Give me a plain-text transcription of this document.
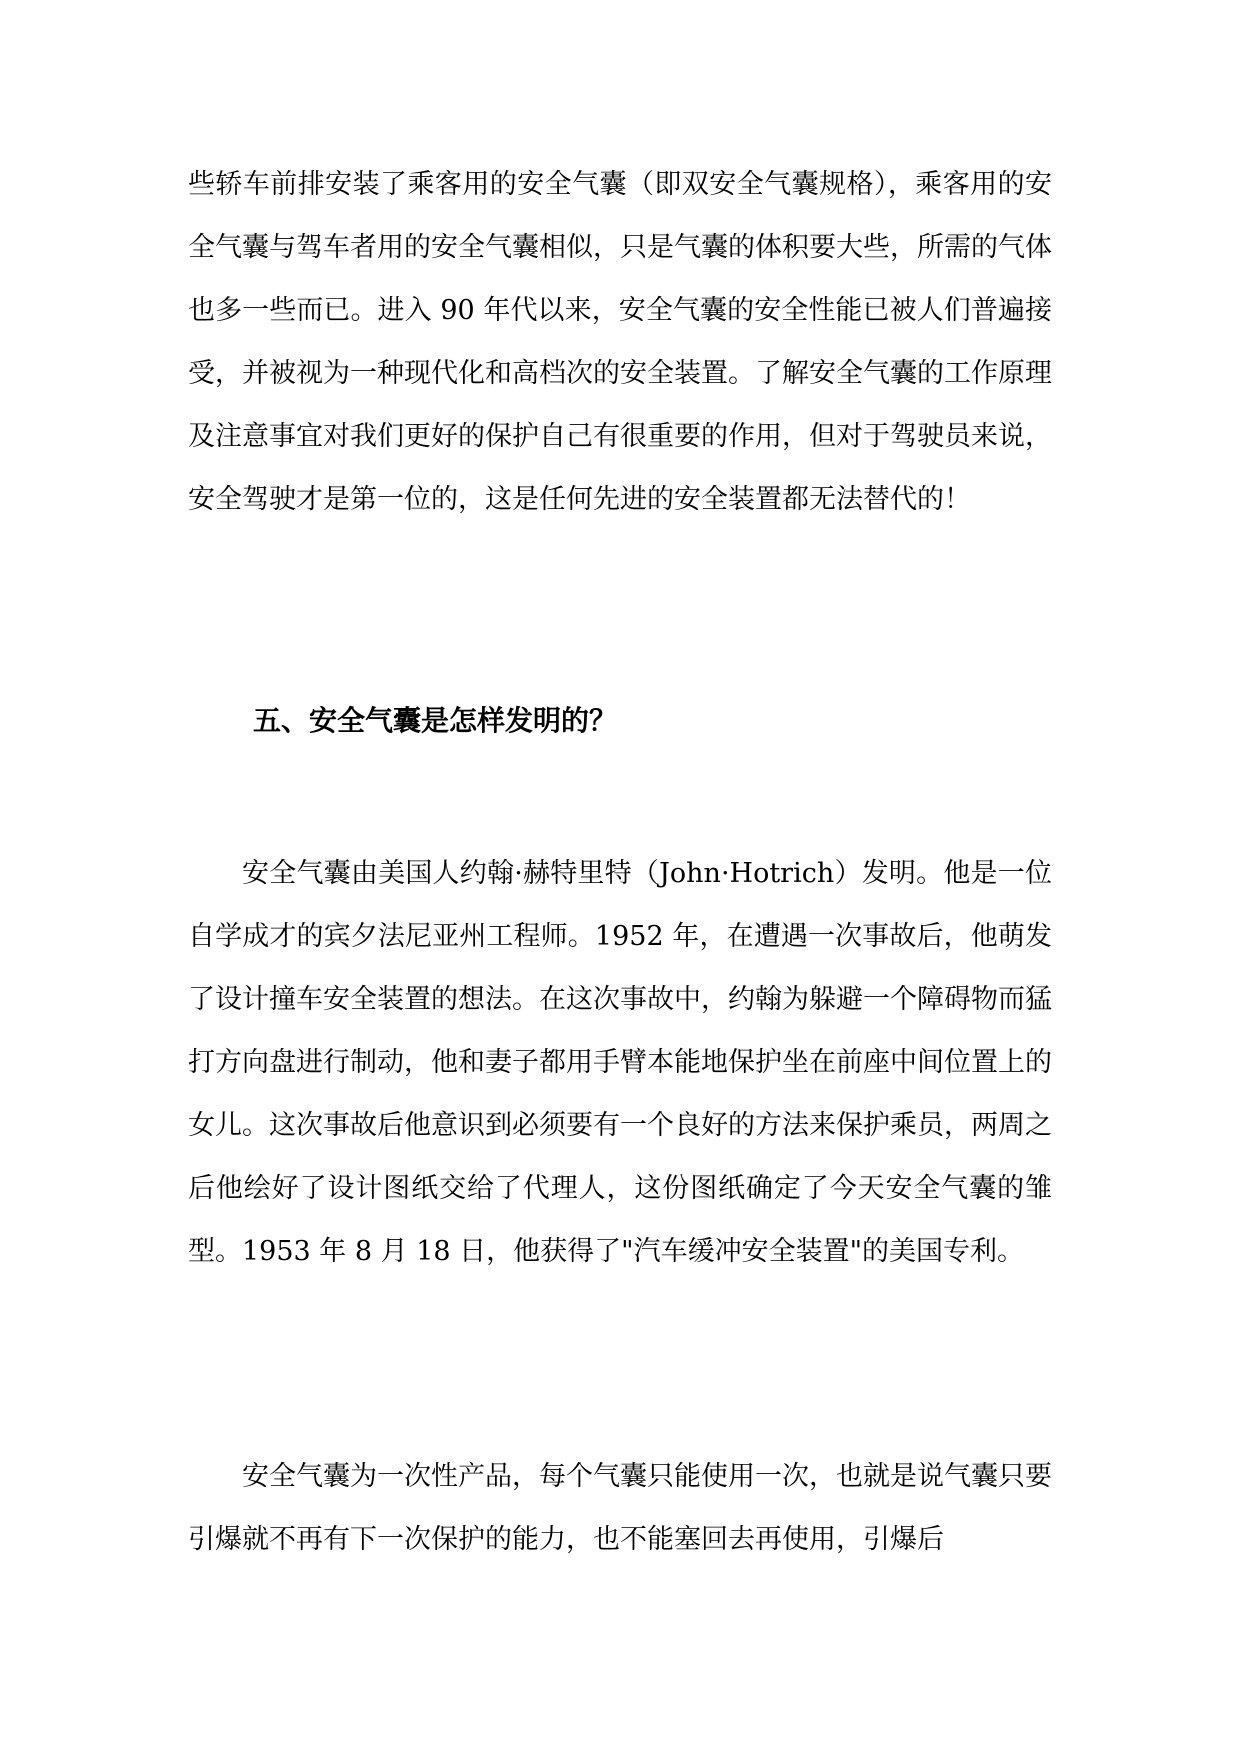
些轿车前排安装了乘客用的安全气囊（即双安全气囊规格），乘客用的安全气囊与驾车者用的安全气囊相似，只是气囊的体积要大些，所需的气体也多一些而已。进入 90 年代以来，安全气囊的安全性能已被人们普遍接受，并被视为一种现代化和高档次的安全装置。了解安全气囊的工作原理及注意事宜对我们更好的保护自己有很重要的作用，但对于驾驶员来说，安全驾驶才是第一位的，这是任何先进的安全装置都无法替代的！

五、安全气囊是怎样发明的？

安全气囊由美国人约翰·赫特里特（John·Hotrich）发明。他是一位自学成才的宾夕法尼亚州工程师。1952 年，在遭遇一次事故后，他萌发了设计撞车安全装置的想法。在这次事故中，约翰为躲避一个障碍物而猛打方向盘进行制动，他和妻子都用手臂本能地保护坐在前座中间位置上的女儿。这次事故后他意识到必须要有一个良好的方法来保护乘员，两周之后他绘好了设计图纸交给了代理人，这份图纸确定了今天安全气囊的雏型。1953 年 8 月 18 日，他获得了"汽车缓冲安全装置"的美国专利。

安全气囊为一次性产品，每个气囊只能使用一次，也就是说气囊只要引爆就不再有下一次保护的能力，也不能塞回去再使用，引爆后
